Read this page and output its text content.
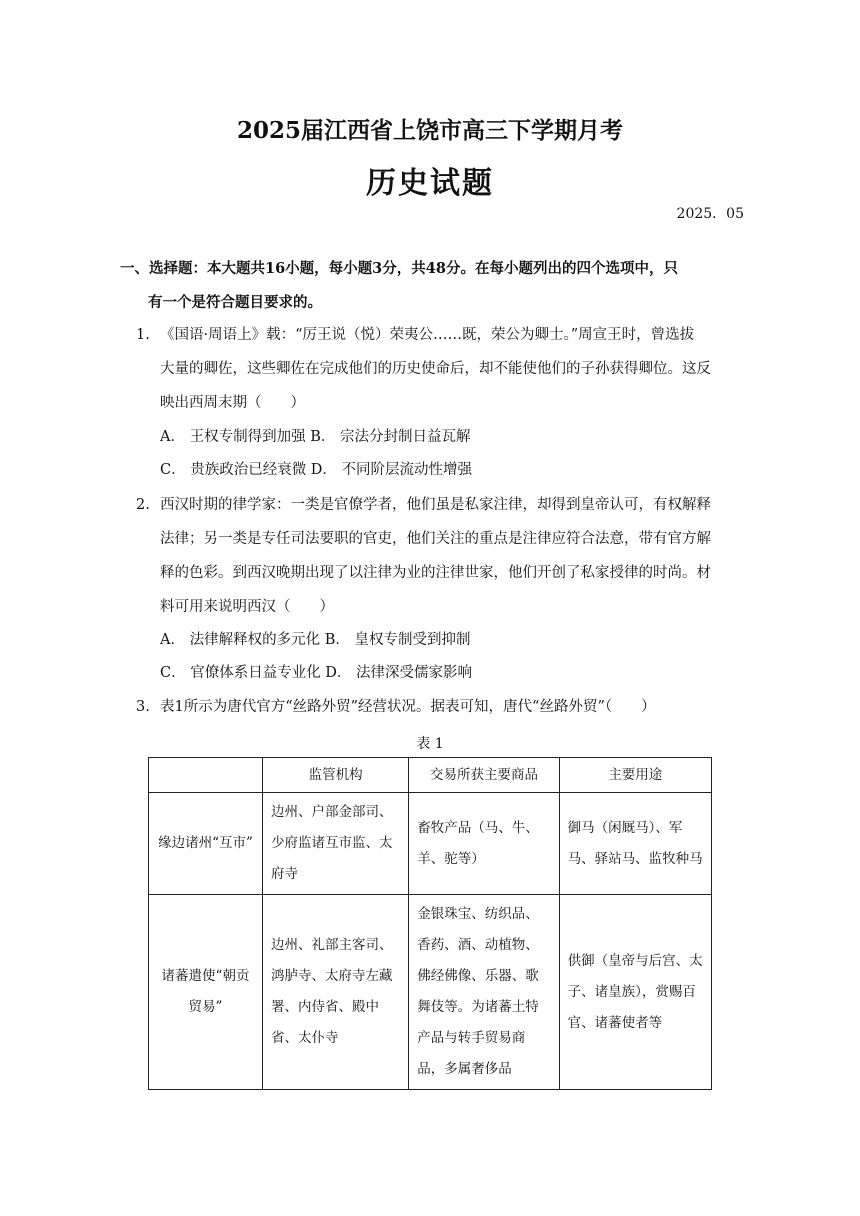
2025届江西省上饶市高三下学期月考
历史试题
2025．05
一、选择题：本大题共16小题，每小题3分，共48分。在每小题列出的四个选项中，只
有一个是符合题目要求的。
1. 《国语·周语上》载：“厉王说（悦）荣夷公……既，荣公为卿士。”周宣王时，曾选拔
大量的卿佐，这些卿佐在完成他们的历史使命后，却不能使他们的子孙获得卿位。这反
映出西周末期（　　）
A． 王权专制得到加强 B． 宗法分封制日益瓦解
C． 贵族政治已经衰微 D． 不同阶层流动性增强
2. 西汉时期的律学家：一类是官僚学者，他们虽是私家注律，却得到皇帝认可，有权解释
法律；另一类是专任司法要职的官吏，他们关注的重点是注律应符合法意，带有官方解
释的色彩。到西汉晚期出现了以注律为业的注律世家，他们开创了私家授律的时尚。材
料可用来说明西汉（　　）
A． 法律解释权的多元化 B． 皇权专制受到抑制
C． 官僚体系日益专业化 D． 法律深受儒家影响
3. 表1所示为唐代官方“丝路外贸”经营状况。据表可知，唐代“丝路外贸”（　　）
表 1
	监管机构	交易所获主要商品	主要用途
缘边诸州“互市”	边州、户部金部司、少府监诸互市监、太府寺	畜牧产品（马、牛、羊、驼等）	御马（闲厩马）、军马、驿站马、监牧种马
诸蕃遣使“朝贡贸易”	边州、礼部主客司、鸿胪寺、太府寺左藏署、内侍省、殿中省、太仆寺	金银珠宝、纺织品、香药、酒、动植物、佛经佛像、乐器、歌舞伎等。为诸蕃土特产品与转手贸易商品，多属奢侈品	供御（皇帝与后宫、太子、诸皇族），赏赐百官、诸蕃使者等
